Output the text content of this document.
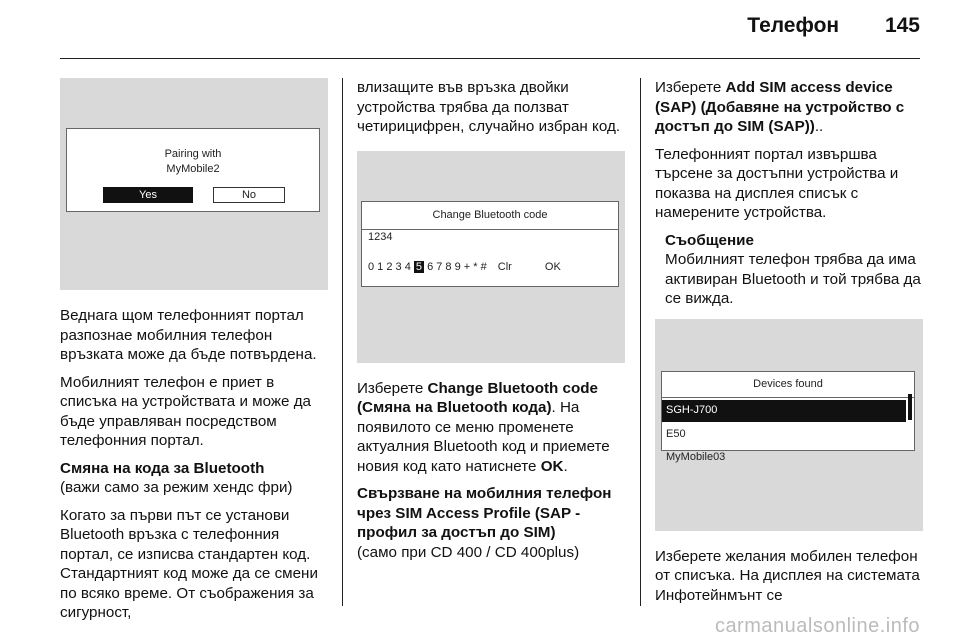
Телефон 145
Pairing with
MyMobile2
Yes	No

Веднага щом телефонният портал разпознае мобилния телефон връзката може да бъде потвърдена.

Мобилният телефон е приет в списъка на устройствата и може да бъде управляван посредством телефонния портал.

Смяна на кода за Bluetooth

(важи само за режим хендс фри)

Когато за първи път се установи Bluetooth връзка с телефонния портал, се изписва стандартен код. Стандартният код може да се смени по всяко време. От съображения за сигурност,

влизащите във връзка двойки устройства трябва да ползват четирицифрен, случайно избран код.

Change Bluetooth code
1234
0 1 2 3 4 5 6 7 8 9 + * # Clr	OK

Изберете Change Bluetooth code (Смяна на Bluetooth кода). На появилото се меню променете актуалния Bluetooth код и приемете новия код като натиснете OK.

Свързване на мобилния телефон чрез SIM Access Profile (SAP - профил за достъп до SIM)

(само при CD 400 / CD 400plus)

Изберете Add SIM access device (SAP) (Добавяне на устройство с достъп до SIM (SAP))..

Телефонният портал извършва търсене за достъпни устройства и показва на дисплея списък с намерените устройства.

Съобщение

Мобилният телефон трябва да има активиран Bluetooth и той трябва да се вижда.

Devices found
SGH-J700
E50
MyMobile03

Изберете желания мобилен телефон от списъка. На дисплея на системата Инфотейнмънт се

carmanualsonline.info
